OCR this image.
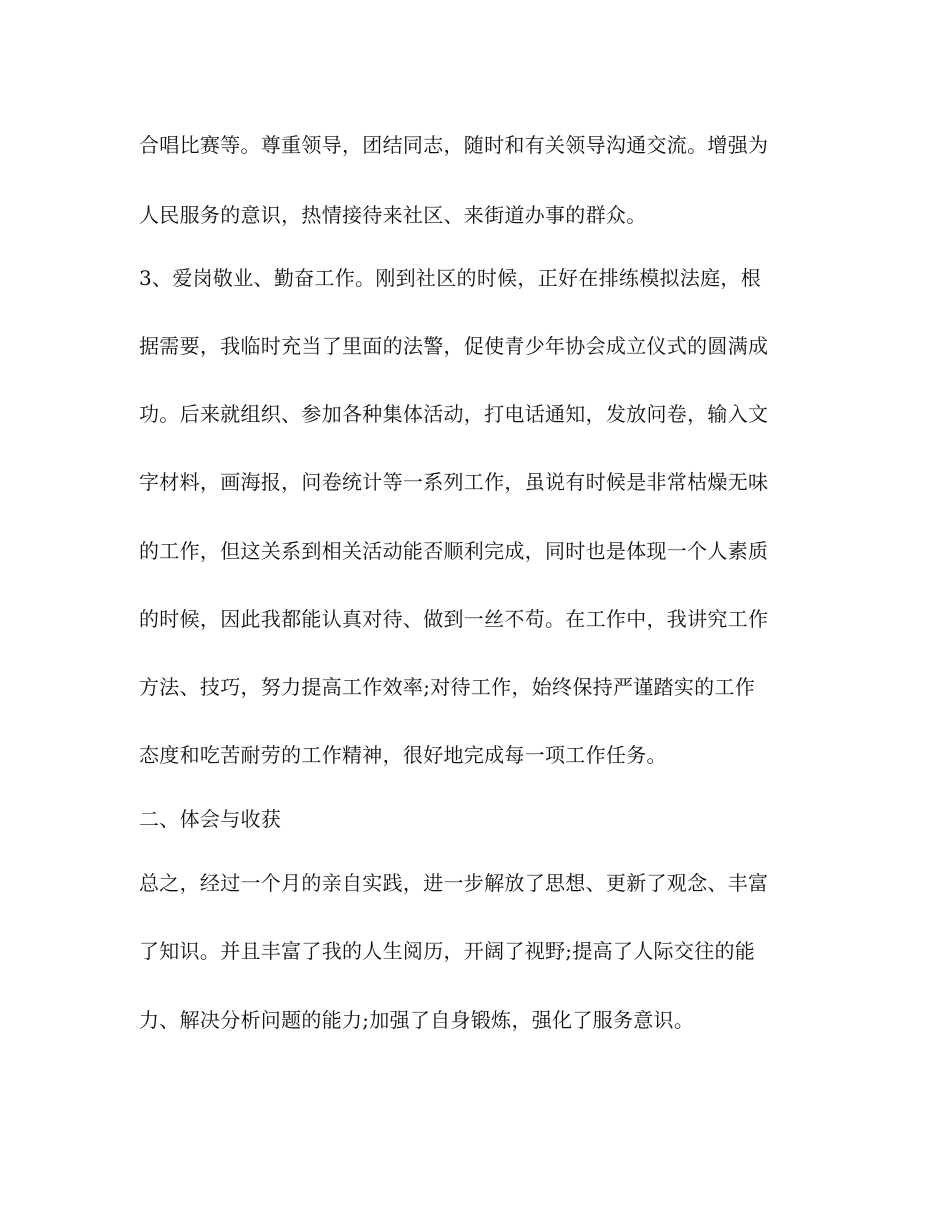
合唱比赛等。尊重领导，团结同志，随时和有关领导沟通交流。增强为
人民服务的意识，热情接待来社区、来街道办事的群众。
3、爱岗敬业、勤奋工作。刚到社区的时候，正好在排练模拟法庭，根
据需要，我临时充当了里面的法警，促使青少年协会成立仪式的圆满成
功。后来就组织、参加各种集体活动，打电话通知，发放问卷，输入文
字材料，画海报，问卷统计等一系列工作，虽说有时候是非常枯燥无味
的工作，但这关系到相关活动能否顺利完成，同时也是体现一个人素质
的时候，因此我都能认真对待、做到一丝不苟。在工作中，我讲究工作
方法、技巧，努力提高工作效率;对待工作，始终保持严谨踏实的工作
态度和吃苦耐劳的工作精神，很好地完成每一项工作任务。
二、体会与收获
总之，经过一个月的亲自实践，进一步解放了思想、更新了观念、丰富
了知识。并且丰富了我的人生阅历，开阔了视野;提高了人际交往的能
力、解决分析问题的能力;加强了自身锻炼，强化了服务意识。
